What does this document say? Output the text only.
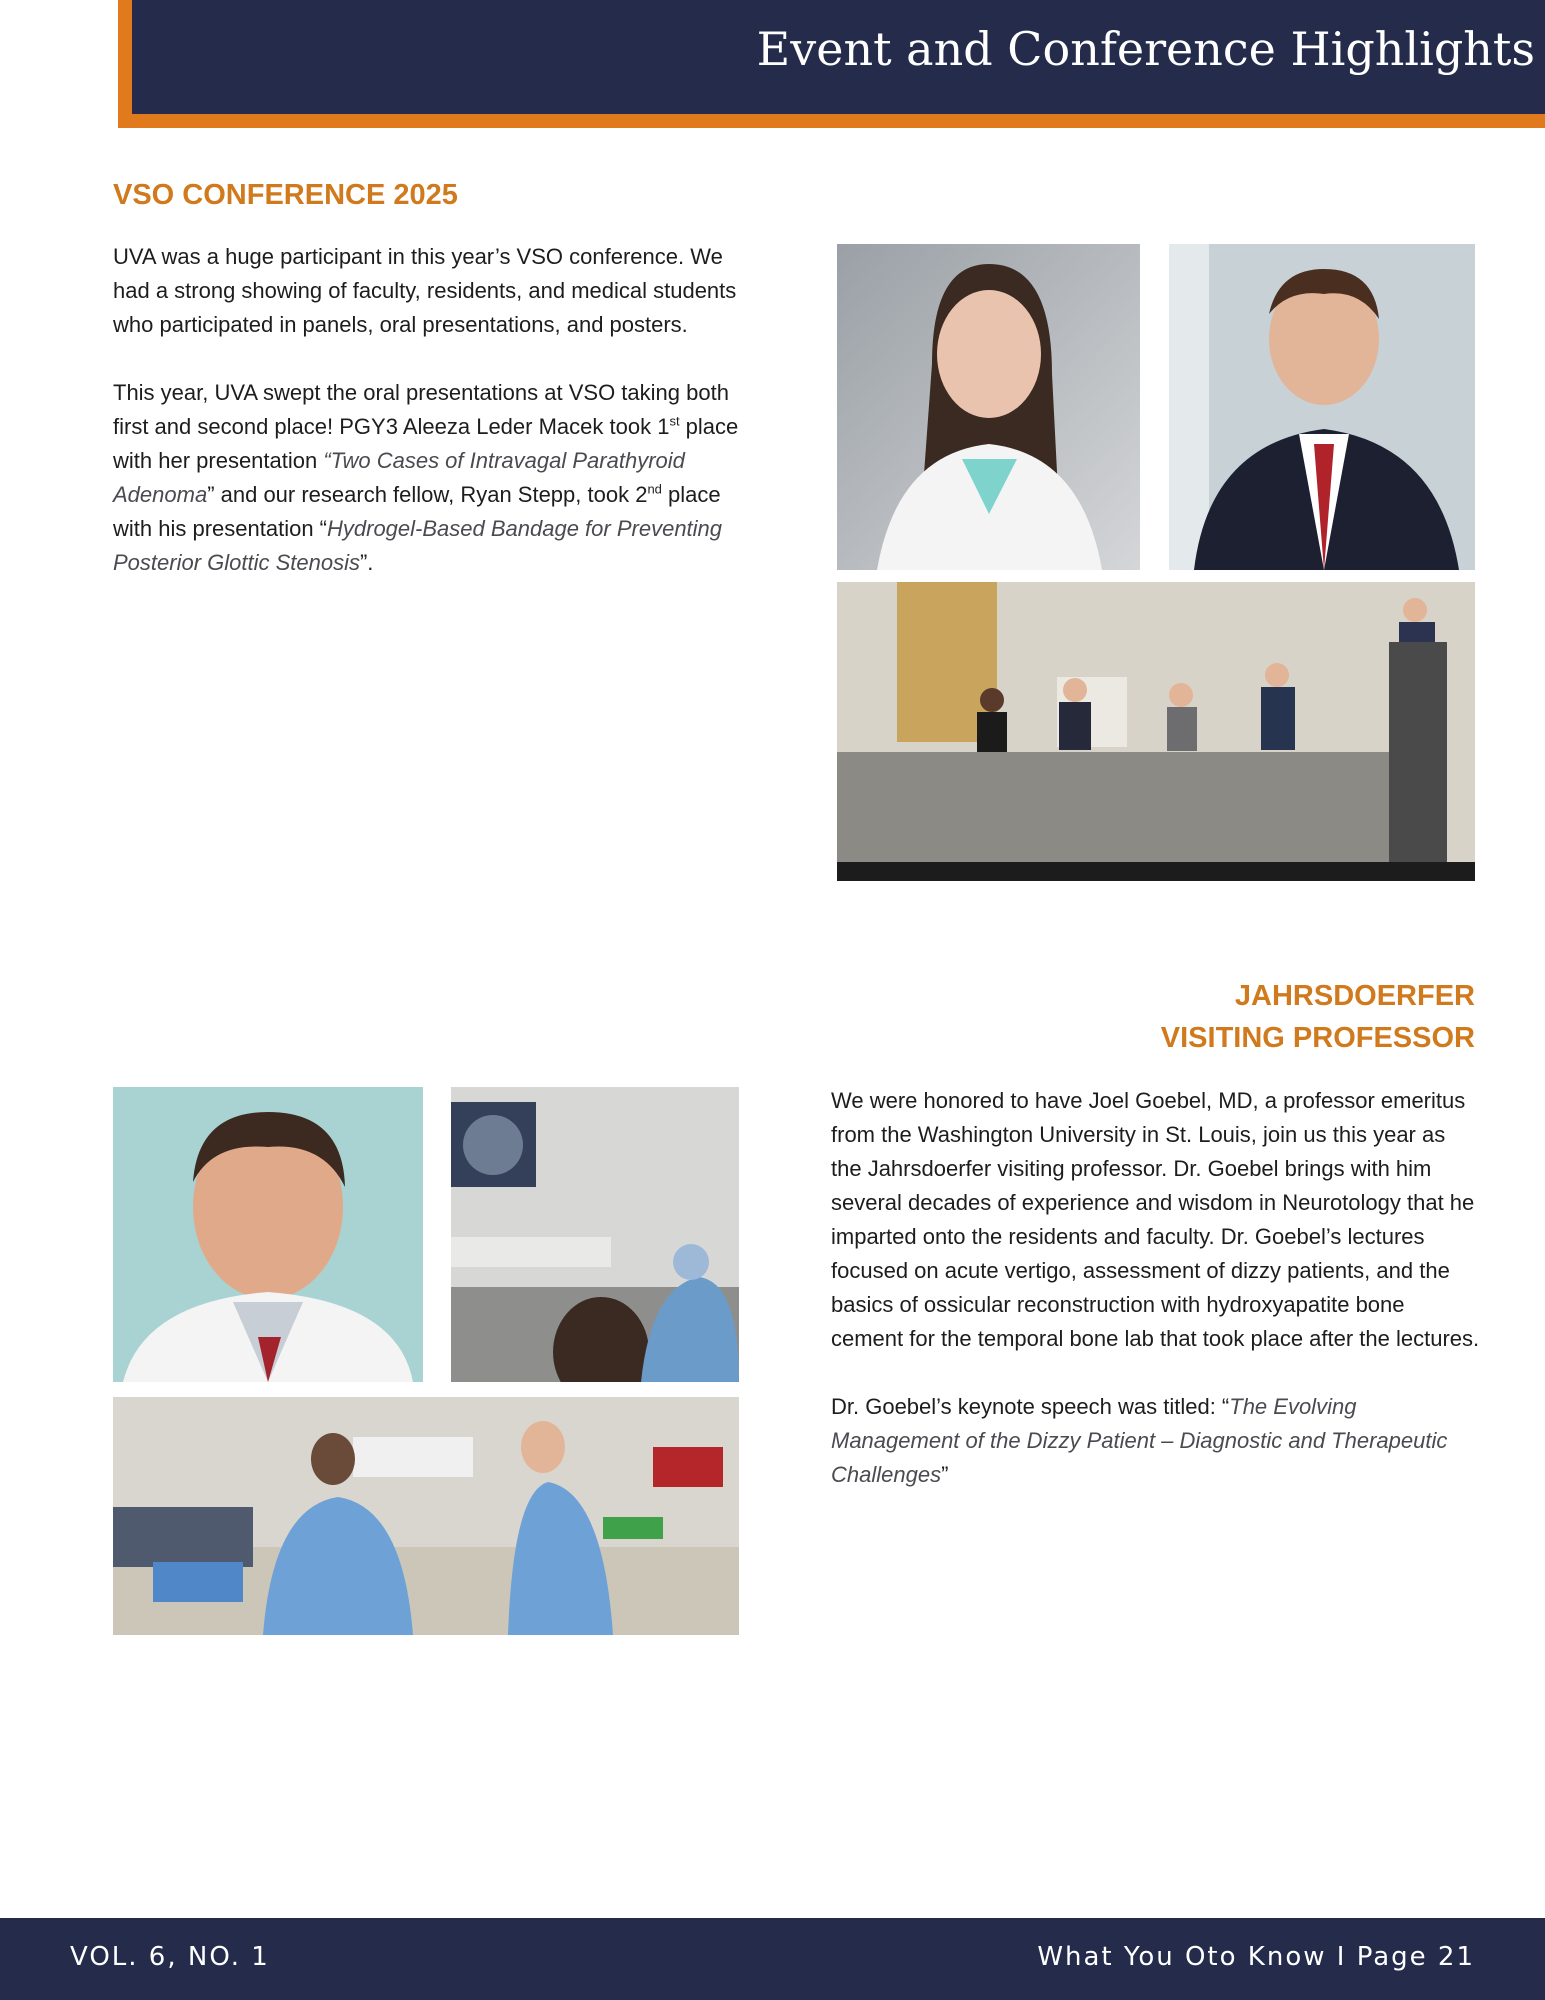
Event and Conference Highlights
VSO CONFERENCE 2025

UVA was a huge participant in this year’s VSO conference. We had a strong showing of faculty, residents, and medical students who participated in panels, oral presentations, and posters.

This year, UVA swept the oral presentations at VSO taking both first and second place! PGY3 Aleeza Leder Macek took 1st place with her presentation “Two Cases of Intravagal Parathyroid Adenoma” and our research fellow, Ryan Stepp, took 2nd place with his presentation “Hydrogel-Based Bandage for Preventing Posterior Glottic Stenosis”.

JAHRSDOERFER
VISITING PROFESSOR

We were honored to have Joel Goebel, MD, a professor emeritus from the Washington University in St. Louis, join us this year as the Jahrsdoerfer visiting professor. Dr. Goebel brings with him several decades of experience and wisdom in Neurotology that he imparted onto the residents and faculty. Dr. Goebel’s lectures focused on acute vertigo, assessment of dizzy patients, and the basics of ossicular reconstruction with hydroxyapatite bone cement for the temporal bone lab that took place after the lectures.

Dr. Goebel’s keynote speech was titled: “The Evolving Management of the Dizzy Patient – Diagnostic and Therapeutic Challenges”

VOL. 6, NO. 1	What You Oto Know I Page 21
